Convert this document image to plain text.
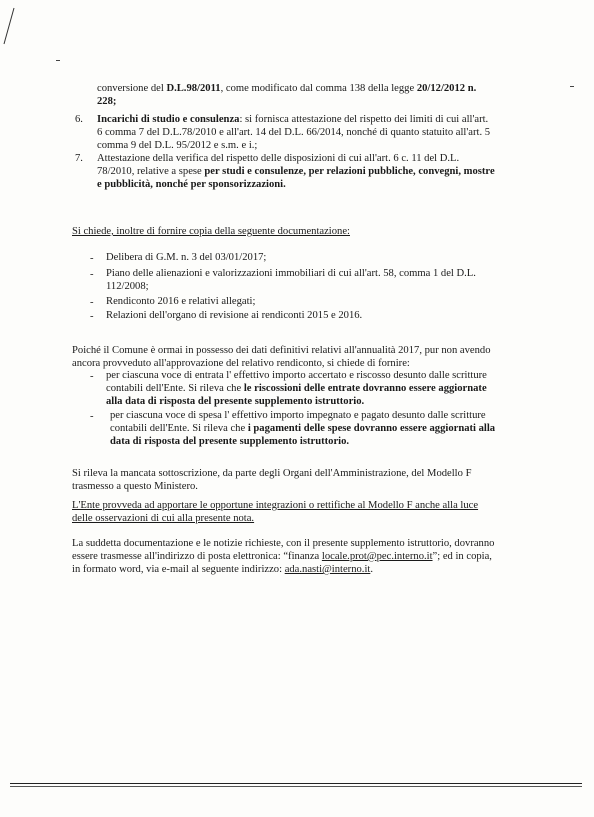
conversione del D.L.98/2011, come modificato dal comma 138 della legge 20/12/2012 n.
228;
6. Incarichi di studio e consulenza: si fornisca attestazione del rispetto dei limiti di cui all'art.
6 comma 7 del D.L.78/2010 e all'art. 14 del D.L. 66/2014, nonché di quanto statuito all'art. 5
comma 9 del D.L. 95/2012 e s.m. e i.;
7. Attestazione della verifica del rispetto delle disposizioni di cui all'art. 6 c. 11 del D.L.
78/2010, relative a spese per studi e consulenze, per relazioni pubbliche, convegni, mostre
e pubblicità, nonché per sponsorizzazioni.
Si chiede, inoltre di fornire copia della seguente documentazione:
- Delibera di G.M. n. 3 del 03/01/2017;
- Piano delle alienazioni e valorizzazioni immobiliari di cui all'art. 58, comma 1 del D.L.
112/2008;
- Rendiconto 2016 e relativi allegati;
- Relazioni dell'organo di revisione ai rendiconti 2015 e 2016.
Poiché il Comune è ormai in possesso dei dati definitivi relativi all'annualità 2017, pur non avendo
ancora provveduto all'approvazione del relativo rendiconto, si chiede di fornire:
- per ciascuna voce di entrata l' effettivo importo accertato e riscosso desunto dalle scritture
contabili dell'Ente. Si rileva che le riscossioni delle entrate dovranno essere aggiornate
alla data di risposta del presente supplemento istruttorio.
- per ciascuna voce di spesa l' effettivo importo impegnato e pagato desunto dalle scritture
contabili dell'Ente. Si rileva che i pagamenti delle spese dovranno essere aggiornati alla
data di risposta del presente supplemento istruttorio.
Si rileva la mancata sottoscrizione, da parte degli Organi dell'Amministrazione, del Modello F
trasmesso a questo Ministero.
L'Ente provveda ad apportare le opportune integrazioni o rettifiche al Modello F anche alla luce
delle osservazioni di cui alla presente nota.
La suddetta documentazione e le notizie richieste, con il presente supplemento istruttorio, dovranno
essere trasmesse all'indirizzo di posta elettronica: “finanza locale.prot@pec.interno.it”; ed in copia,
in formato word, via e-mail al seguente indirizzo: ada.nasti@interno.it.
